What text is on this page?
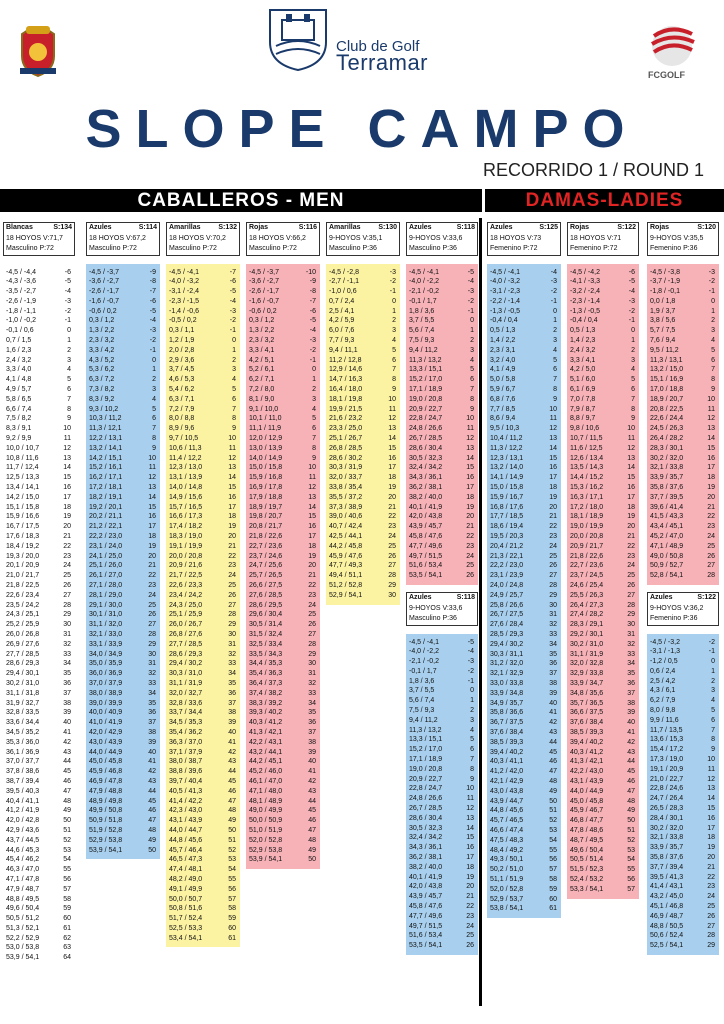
Club de Golf
Terramar	FCGOLF
SLOPE CAMPO
RECORRIDO 1 / ROUND 1
CABALLEROS - MEN	DAMAS-LADIES
Blancas	S:134
18 HOYOS V:71,7
Masculino P:72
-4,5 / -4,4	-6
-4,3 / -3,6	-5
-3,5 / -2,7	-4
-2,6 / -1,9	-3
-1,8 / -1,1	-2
-1,0 / -0,2	-1
-0,1 / 0,6	0
0,7 / 1,5	1
1,6 / 2,3	2
2,4 / 3,2	3
3,3 / 4,0	4
4,1 / 4,8	5
4,9 / 5,7	6
5,8 / 6,5	7
6,6 / 7,4	8
7,5 / 8,2	9
8,3 / 9,1	10
9,2 / 9,9	11
10,0 / 10,7	12
10,8 / 11,6	13
11,7 / 12,4	14
12,5 / 13,3	15
13,4 / 14,1	16
14,2 / 15,0	17
15,1 / 15,8	18
15,9 / 16,6	19
16,7 / 17,5	20
17,6 / 18,3	21
18,4 / 19,2	22
19,3 / 20,0	23
20,1 / 20,9	24
21,0 / 21,7	25
21,8 / 22,5	26
22,6 / 23,4	27
23,5 / 24,2	28
24,3 / 25,1	29
25,2 / 25,9	30
26,0 / 26,8	31
26,9 / 27,6	32
27,7 / 28,5	33
28,6 / 29,3	34
29,4 / 30,1	35
30,2 / 31,0	36
31,1 / 31,8	37
31,9 / 32,7	38
32,8 / 33,5	39
33,6 / 34,4	40
34,5 / 35,2	41
35,3 / 36,0	42
36,1 / 36,9	43
37,0 / 37,7	44
37,8 / 38,6	45
38,7 / 39,4	46
39,5 / 40,3	47
40,4 / 41,1	48
41,2 / 41,9	49
42,0 / 42,8	50
42,9 / 43,6	51
43,7 / 44,5	52
44,6 / 45,3	53
45,4 / 46,2	54
46,3 / 47,0	55
47,1 / 47,8	56
47,9 / 48,7	57
48,8 / 49,5	58
49,6 / 50,4	59
50,5 / 51,2	60
51,3 / 52,1	61
52,2 / 52,9	62
53,0 / 53,8	63
53,9 / 54,1	64
Azules	S:114
18 HOYOS V:67,2
Masculino P:72
-4,5 / -3,7	-9
-3,6 / -2,7	-8
-2,6 / -1,7	-7
-1,6 / -0,7	-6
-0,6 / 0,2	-5
0,3 / 1,2	-4
1,3 / 2,2	-3
2,3 / 3,2	-2
3,3 / 4,2	-1
4,3 / 5,2	0
5,3 / 6,2	1
6,3 / 7,2	2
7,3 / 8,2	3
8,3 / 9,2	4
9,3 / 10,2	5
10,3 / 11,2	6
11,3 / 12,1	7
12,2 / 13,1	8
13,2 / 14,1	9
14,2 / 15,1	10
15,2 / 16,1	11
16,2 / 17,1	12
17,2 / 18,1	13
18,2 / 19,1	14
19,2 / 20,1	15
20,2 / 21,1	16
21,2 / 22,1	17
22,2 / 23,0	18
23,1 / 24,0	19
24,1 / 25,0	20
25,1 / 26,0	21
26,1 / 27,0	22
27,1 / 28,0	23
28,1 / 29,0	24
29,1 / 30,0	25
30,1 / 31,0	26
31,1 / 32,0	27
32,1 / 33,0	28
33,1 / 33,9	29
34,0 / 34,9	30
35,0 / 35,9	31
36,0 / 36,9	32
37,0 / 37,9	33
38,0 / 38,9	34
39,0 / 39,9	35
40,0 / 40,9	36
41,0 / 41,9	37
42,0 / 42,9	38
43,0 / 43,9	39
44,0 / 44,9	40
45,0 / 45,8	41
45,9 / 46,8	42
46,9 / 47,8	43
47,9 / 48,8	44
48,9 / 49,8	45
49,9 / 50,8	46
50,9 / 51,8	47
51,9 / 52,8	48
52,9 / 53,8	49
53,9 / 54,1	50
Amarillas	S:132
18 HOYOS V:70,2
Masculino P:72
-4,5 / -4,1	-7
-4,0 / -3,2	-6
-3,1 / -2,4	-5
-2,3 / -1,5	-4
-1,4 / -0,6	-3
-0,5 / 0,2	-2
0,3 / 1,1	-1
1,2 / 1,9	0
2,0 / 2,8	1
2,9 / 3,6	2
3,7 / 4,5	3
4,6 / 5,3	4
5,4 / 6,2	5
6,3 / 7,1	6
7,2 / 7,9	7
8,0 / 8,8	8
8,9 / 9,6	9
9,7 / 10,5	10
10,6 / 11,3	11
11,4 / 12,2	12
12,3 / 13,0	13
13,1 / 13,9	14
14,0 / 14,8	15
14,9 / 15,6	16
15,7 / 16,5	17
16,6 / 17,3	18
17,4 / 18,2	19
18,3 / 19,0	20
19,1 / 19,9	21
20,0 / 20,8	22
20,9 / 21,6	23
21,7 / 22,5	24
22,6 / 23,3	25
23,4 / 24,2	26
24,3 / 25,0	27
25,1 / 25,9	28
26,0 / 26,7	29
26,8 / 27,6	30
27,7 / 28,5	31
28,6 / 29,3	32
29,4 / 30,2	33
30,3 / 31,0	34
31,1 / 31,9	35
32,0 / 32,7	36
32,8 / 33,6	37
33,7 / 34,4	38
34,5 / 35,3	39
35,4 / 36,2	40
36,3 / 37,0	41
37,1 / 37,9	42
38,0 / 38,7	43
38,8 / 39,6	44
39,7 / 40,4	45
40,5 / 41,3	46
41,4 / 42,2	47
42,3 / 43,0	48
43,1 / 43,9	49
44,0 / 44,7	50
44,8 / 45,6	51
45,7 / 46,4	52
46,5 / 47,3	53
47,4 / 48,1	54
48,2 / 49,0	55
49,1 / 49,9	56
50,0 / 50,7	57
50,8 / 51,6	58
51,7 / 52,4	59
52,5 / 53,3	60
53,4 / 54,1	61
Rojas	S:116
18 HOYOS V:66,2
Masculino P:72
-4,5 / -3,7	-10
-3,6 / -2,7	-9
-2,6 / -1,7	-8
-1,6 / -0,7	-7
-0,6 / 0,2	-6
0,3 / 1,2	-5
1,3 / 2,2	-4
2,3 / 3,2	-3
3,3 / 4,1	-2
4,2 / 5,1	-1
5,2 / 6,1	0
6,2 / 7,1	1
7,2 / 8,0	2
8,1 / 9,0	3
9,1 / 10,0	4
10,1 / 11,0	5
11,1 / 11,9	6
12,0 / 12,9	7
13,0 / 13,9	8
14,0 / 14,9	9
15,0 / 15,8	10
15,9 / 16,8	11
16,9 / 17,8	12
17,9 / 18,8	13
18,9 / 19,7	14
19,8 / 20,7	15
20,8 / 21,7	16
21,8 / 22,6	17
22,7 / 23,6	18
23,7 / 24,6	19
24,7 / 25,6	20
25,7 / 26,5	21
26,6 / 27,5	22
27,6 / 28,5	23
28,6 / 29,5	24
29,6 / 30,4	25
30,5 / 31,4	26
31,5 / 32,4	27
32,5 / 33,4	28
33,5 / 34,3	29
34,4 / 35,3	30
35,4 / 36,3	31
36,4 / 37,3	32
37,4 / 38,2	33
38,3 / 39,2	34
39,3 / 40,2	35
40,3 / 41,2	36
41,3 / 42,1	37
42,2 / 43,1	38
43,2 / 44,1	39
44,2 / 45,1	40
45,2 / 46,0	41
46,1 / 47,0	42
47,1 / 48,0	43
48,1 / 48,9	44
49,0 / 49,9	45
50,0 / 50,9	46
51,0 / 51,9	47
52,0 / 52,8	48
52,9 / 53,8	49
53,9 / 54,1	50
Amarillas	S:130
9-HOYOS V:35,1
Masculino P:36
-4,5 / -2,8	-3
-2,7 / -1,1	-2
-1,0 / 0,6	-1
0,7 / 2,4	0
2,5 / 4,1	1
4,2 / 5,9	2
6,0 / 7,6	3
7,7 / 9,3	4
9,4 / 11,1	5
11,2 / 12,8	6
12,9 / 14,6	7
14,7 / 16,3	8
16,4 / 18,0	9
18,1 / 19,8	10
19,9 / 21,5	11
21,6 / 23,2	12
23,3 / 25,0	13
25,1 / 26,7	14
26,8 / 28,5	15
28,6 / 30,2	16
30,3 / 31,9	17
32,0 / 33,7	18
33,8 / 35,4	19
35,5 / 37,2	20
37,3 / 38,9	21
39,0 / 40,6	22
40,7 / 42,4	23
42,5 / 44,1	24
44,2 / 45,8	25
45,9 / 47,6	26
47,7 / 49,3	27
49,4 / 51,1	28
51,2 / 52,8	29
52,9 / 54,1	30
Azules	S:118
9-HOYOS V:33,6
Masculino P:36
-4,5 / -4,1	-5
-4,0 / -2,2	-4
-2,1 / -0,2	-3
-0,1 / 1,7	-2
1,8 / 3,6	-1
3,7 / 5,5	0
5,6 / 7,4	1
7,5 / 9,3	2
9,4 / 11,2	3
11,3 / 13,2	4
13,3 / 15,1	5
15,2 / 17,0	6
17,1 / 18,9	7
19,0 / 20,8	8
20,9 / 22,7	9
22,8 / 24,7	10
24,8 / 26,6	11
26,7 / 28,5	12
28,6 / 30,4	13
30,5 / 32,3	14
32,4 / 34,2	15
34,3 / 36,1	16
36,2 / 38,1	17
38,2 / 40,0	18
40,1 / 41,9	19
42,0 / 43,8	20
43,9 / 45,7	21
45,8 / 47,6	22
47,7 / 49,6	23
49,7 / 51,5	24
51,6 / 53,4	25
53,5 / 54,1	26
Azules	S:118
9-HOYOS V:33,6
Masculino P:36
-4,5 / -4,1	-5
-4,0 / -2,2	-4
-2,1 / -0,2	-3
-0,1 / 1,7	-2
1,8 / 3,6	-1
3,7 / 5,5	0
5,6 / 7,4	1
7,5 / 9,3	2
9,4 / 11,2	3
11,3 / 13,2	4
13,3 / 15,1	5
15,2 / 17,0	6
17,1 / 18,9	7
19,0 / 20,8	8
20,9 / 22,7	9
22,8 / 24,7	10
24,8 / 26,6	11
26,7 / 28,5	12
28,6 / 30,4	13
30,5 / 32,3	14
32,4 / 34,2	15
34,3 / 36,1	16
36,2 / 38,1	17
38,2 / 40,0	18
40,1 / 41,9	19
42,0 / 43,8	20
43,9 / 45,7	21
45,8 / 47,6	22
47,7 / 49,6	23
49,7 / 51,5	24
51,6 / 53,4	25
53,5 / 54,1	26
Azules	S:125
18 HOYOS V:73
Femenino P:72
-4,5 / -4,1	-4
-4,0 / -3,2	-3
-3,1 / -2,3	-2
-2,2 / -1,4	-1
-1,3 / -0,5	0
-0,4 / 0,4	1
0,5 / 1,3	2
1,4 / 2,2	3
2,3 / 3,1	4
3,2 / 4,0	5
4,1 / 4,9	6
5,0 / 5,8	7
5,9 / 6,7	8
6,8 / 7,6	9
7,7 / 8,5	10
8,6 / 9,4	11
9,5 / 10,3	12
10,4 / 11,2	13
11,3 / 12,2	14
12,3 / 13,1	15
13,2 / 14,0	16
14,1 / 14,9	17
15,0 / 15,8	18
15,9 / 16,7	19
16,8 / 17,6	20
17,7 / 18,5	21
18,6 / 19,4	22
19,5 / 20,3	23
20,4 / 21,2	24
21,3 / 22,1	25
22,2 / 23,0	26
23,1 / 23,9	27
24,0 / 24,8	28
24,9 / 25,7	29
25,8 / 26,6	30
26,7 / 27,5	31
27,6 / 28,4	32
28,5 / 29,3	33
29,4 / 30,2	34
30,3 / 31,1	35
31,2 / 32,0	36
32,1 / 32,9	37
33,0 / 33,8	38
33,9 / 34,8	39
34,9 / 35,7	40
35,8 / 36,6	41
36,7 / 37,5	42
37,6 / 38,4	43
38,5 / 39,3	44
39,4 / 40,2	45
40,3 / 41,1	46
41,2 / 42,0	47
42,1 / 42,9	48
43,0 / 43,8	49
43,9 / 44,7	50
44,8 / 45,6	51
45,7 / 46,5	52
46,6 / 47,4	53
47,5 / 48,3	54
48,4 / 49,2	55
49,3 / 50,1	56
50,2 / 51,0	57
51,1 / 51,9	58
52,0 / 52,8	59
52,9 / 53,7	60
53,8 / 54,1	61
Rojas	S:122
18 HOYOS V:71
Femenino P:72
-4,5 / -4,2	-6
-4,1 / -3,3	-5
-3,2 / -2,4	-4
-2,3 / -1,4	-3
-1,3 / -0,5	-2
-0,4 / 0,4	-1
0,5 / 1,3	0
1,4 / 2,3	1
2,4 / 3,2	2
3,3 / 4,1	3
4,2 / 5,0	4
5,1 / 6,0	5
6,1 / 6,9	6
7,0 / 7,8	7
7,9 / 8,7	8
8,8 / 9,7	9
9,8 / 10,6	10
10,7 / 11,5	11
11,6 / 12,5	12
12,6 / 13,4	13
13,5 / 14,3	14
14,4 / 15,2	15
15,3 / 16,2	16
16,3 / 17,1	17
17,2 / 18,0	18
18,1 / 18,9	19
19,0 / 19,9	20
20,0 / 20,8	21
20,9 / 21,7	22
21,8 / 22,6	23
22,7 / 23,6	24
23,7 / 24,5	25
24,6 / 25,4	26
25,5 / 26,3	27
26,4 / 27,3	28
27,4 / 28,2	29
28,3 / 29,1	30
29,2 / 30,1	31
30,2 / 31,0	32
31,1 / 31,9	33
32,0 / 32,8	34
32,9 / 33,8	35
33,9 / 34,7	36
34,8 / 35,6	37
35,7 / 36,5	38
36,6 / 37,5	39
37,6 / 38,4	40
38,5 / 39,3	41
39,4 / 40,2	42
40,3 / 41,2	43
41,3 / 42,1	44
42,2 / 43,0	45
43,1 / 43,9	46
44,0 / 44,9	47
45,0 / 45,8	48
45,9 / 46,7	49
46,8 / 47,7	50
47,8 / 48,6	51
48,7 / 49,5	52
49,6 / 50,4	53
50,5 / 51,4	54
51,5 / 52,3	55
52,4 / 53,2	56
53,3 / 54,1	57
Rojas	S:120
9-HOYOS V:35,5
Femenino P:36
-4,5 / -3,8	-3
-3,7 / -1,9	-2
-1,8 / -0,1	-1
0,0 / 1,8	0
1,9 / 3,7	1
3,8 / 5,6	2
5,7 / 7,5	3
7,6 / 9,4	4
9,5 / 11,2	5
11,3 / 13,1	6
13,2 / 15,0	7
15,1 / 16,9	8
17,0 / 18,8	9
18,9 / 20,7	10
20,8 / 22,5	11
22,6 / 24,4	12
24,5 / 26,3	13
26,4 / 28,2	14
28,3 / 30,1	15
30,2 / 32,0	16
32,1 / 33,8	17
33,9 / 35,7	18
35,8 / 37,6	19
37,7 / 39,5	20
39,6 / 41,4	21
41,5 / 43,3	22
43,4 / 45,1	23
45,2 / 47,0	24
47,1 / 48,9	25
49,0 / 50,8	26
50,9 / 52,7	27
52,8 / 54,1	28
Azules	S:122
9-HOYOS V:36,2
Femenino P:36
-4,5 / -3,2	-2
-3,1 / -1,3	-1
-1,2 / 0,5	0
0,6 / 2,4	1
2,5 / 4,2	2
4,3 / 6,1	3
6,2 / 7,9	4
8,0 / 9,8	5
9,9 / 11,6	6
11,7 / 13,5	7
13,6 / 15,3	8
15,4 / 17,2	9
17,3 / 19,0	10
19,1 / 20,9	11
21,0 / 22,7	12
22,8 / 24,6	13
24,7 / 26,4	14
26,5 / 28,3	15
28,4 / 30,1	16
30,2 / 32,0	17
32,1 / 33,8	18
33,9 / 35,7	19
35,8 / 37,6	20
37,7 / 39,4	21
39,5 / 41,3	22
41,4 / 43,1	23
43,2 / 45,0	24
45,1 / 46,8	25
46,9 / 48,7	26
48,8 / 50,5	27
50,6 / 52,4	28
52,5 / 54,1	29
